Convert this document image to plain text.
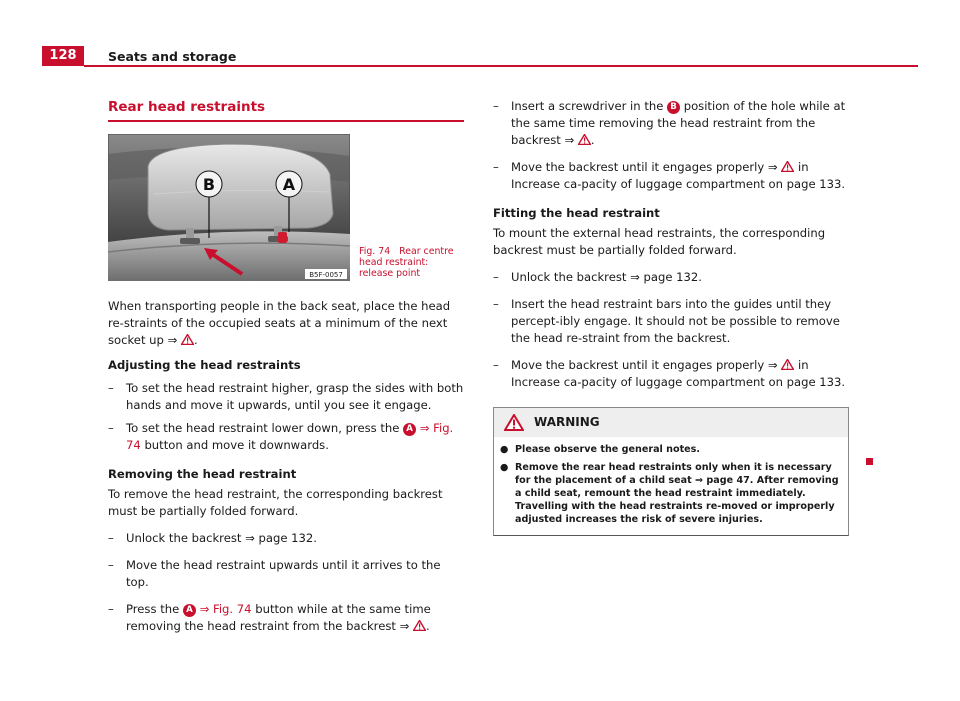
128	Seats and storage
Rear head restraints
B	A
B5F-0057
Fig. 74 Rear centre head restraint: release point

When transporting people in the back seat, place the head re-straints of the occupied seats at a minimum of the next socket up ⇒ .

Adjusting the head restraints

–	To set the head restraint higher, grasp the sides with both hands and move it upwards, until you see it engage.
–	To set the head restraint lower down, press the A ⇒ Fig. 74 button and move it downwards.

Removing the head restraint

To remove the head restraint, the corresponding backrest must be partially folded forward.

–	Unlock the backrest ⇒ page 132.
–	Move the head restraint upwards until it arrives to the top.
–	Press the A ⇒ Fig. 74 button while at the same time removing the head restraint from the backrest ⇒ .
–	Insert a screwdriver in the B position of the hole while at the same time removing the head restraint from the backrest ⇒ .
–	Move the backrest until it engages properly ⇒ in Increase ca-pacity of luggage compartment on page 133.

Fitting the head restraint

To mount the external head restraints, the corresponding backrest must be partially folded forward.

–	Unlock the backrest ⇒ page 132.
–	Insert the head restraint bars into the guides until they percept-ibly engage. It should not be possible to remove the head re-straint from the backrest.
–	Move the backrest until it engages properly ⇒ in Increase ca-pacity of luggage compartment on page 133.
WARNING
● Please observe the general notes.
● Remove the rear head restraints only when it is necessary for the placement of a child seat ⇒ page 47. After removing a child seat, remount the head restraint immediately. Travelling with the head restraints re-moved or improperly adjusted increases the risk of severe injuries.
